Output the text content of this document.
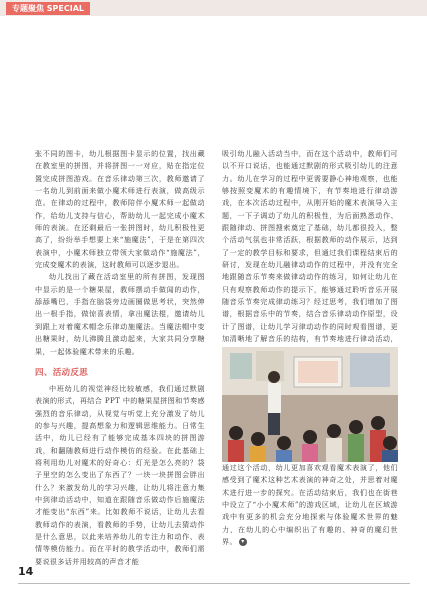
专题聚焦 SPECIAL

张不同的图卡，幼儿根据图卡显示的位置，找出藏在教室里的拼图，并将拼图一一对应，贴在指定位置完成拼图游戏。在音乐律动第三次，教师邀请了一名幼儿到前面来做小魔术师进行表演，做高级示范。在律动的过程中，教师陪伴小魔术师一起做动作，给幼儿支持与信心，帮助幼儿一起完成小魔术师的表演。在还剩最后一张拼图时，幼儿积极性更高了，纷纷举手想要上来“施魔法”，于是在第四次表演中，小魔术师独立带领大家做动作“施魔法”，完成变魔术的表演，这时教师可以逐步退出。

幼儿找出了藏在活动室里的所有拼图，发现图中显示的是一个糖果屋，教师摆动手做闻的动作，舔舔嘴巴，手指在脑袋旁边画圈做思考状，突然伸出一根手指，做惊喜表情，拿出魔法棍，邀请幼儿到跟上对着魔术帽念乐律动施魔法。当魔法帽中变出糖果时，幼儿沸腾且激动起来，大家共同分享糖果，一起体验魔术带来的乐趣。

四、活动反思

中班幼儿的视觉神经比较敏感，我们通过默剧表演的形式，再结合 PPT 中的糖果屋拼图和节奏感强烈的音乐律动，从视觉与听觉上充分激发了幼儿的参与兴趣，提高想象力和逻辑思维能力。日常生活中，幼儿已经有了能够完成基本四块的拼图游戏，和翻随教师进行动作模仿的经验。在此基础上将利用幼儿对魔术的好奇心：灯光是怎么亮的？袋子里空的怎么变出了东西了？一块一块拼图会胖出什么？来激发幼儿的学习兴趣，让幼儿将注意力集中到律动活动中，知道在跟随音乐做动作后施魔法才能变出“东西”来。比如教师不说话，让幼儿去看教师动作的表演，看教师的手势，让幼儿去猜动作是什么意思，以此来培养幼儿的专注力和动作、表情等模仿能力。而在平时的教学活动中，教师们需要说很多话并用较高的声音才能

吸引幼儿融入活动当中，而在这个活动中，教师们可以不开口说话，也能通过默剧的形式吸引幼儿的注意力。幼儿在学习的过程中更需要静心神地观察，也能够按照变魔术的有趣情境下，有节奏地进行律动游戏，在本次活动过程中，从刚开始的魔术表演导入主题，一下子调动了幼儿的积极性，为后面熟悉动作、跟随律动、拼图搜索奠定了基础，幼儿都很投入，整个活动气氛也非常活跃，根据教师的动作展示，达到了一定的教学目标和要求，但通过我们课程结束后的研讨，发现在幼儿融律动动作的过程中，并没有完全地跟随音乐节奏来做律动动作的练习，如何让幼儿在只有观察教师动作的提示下，能够通过聆听音乐开展随音乐节奏完成律动练习？经过思考，我们增加了图谱，根据音乐中的节奏，结合音乐律动动作原型，设计了图谱，让幼儿学习律动动作的同时观看图谱，更加清晰地了解音乐的结构，有节奏地进行律动活动，

通过这个活动，幼儿更加喜欢观看魔术表演了，他们感受到了魔术这种艺术表演的神奇之处，并思着对魔术进行进一步的探究。在活动结束后，我们也在街巷中设立了“小小魔术师”的游戏区域，让幼儿在区域游戏中有更多的机会充分地探索与体验魔术世界的魅力，在幼儿的心中编织出了有趣的、神奇的魔幻世界。 ▾
14
